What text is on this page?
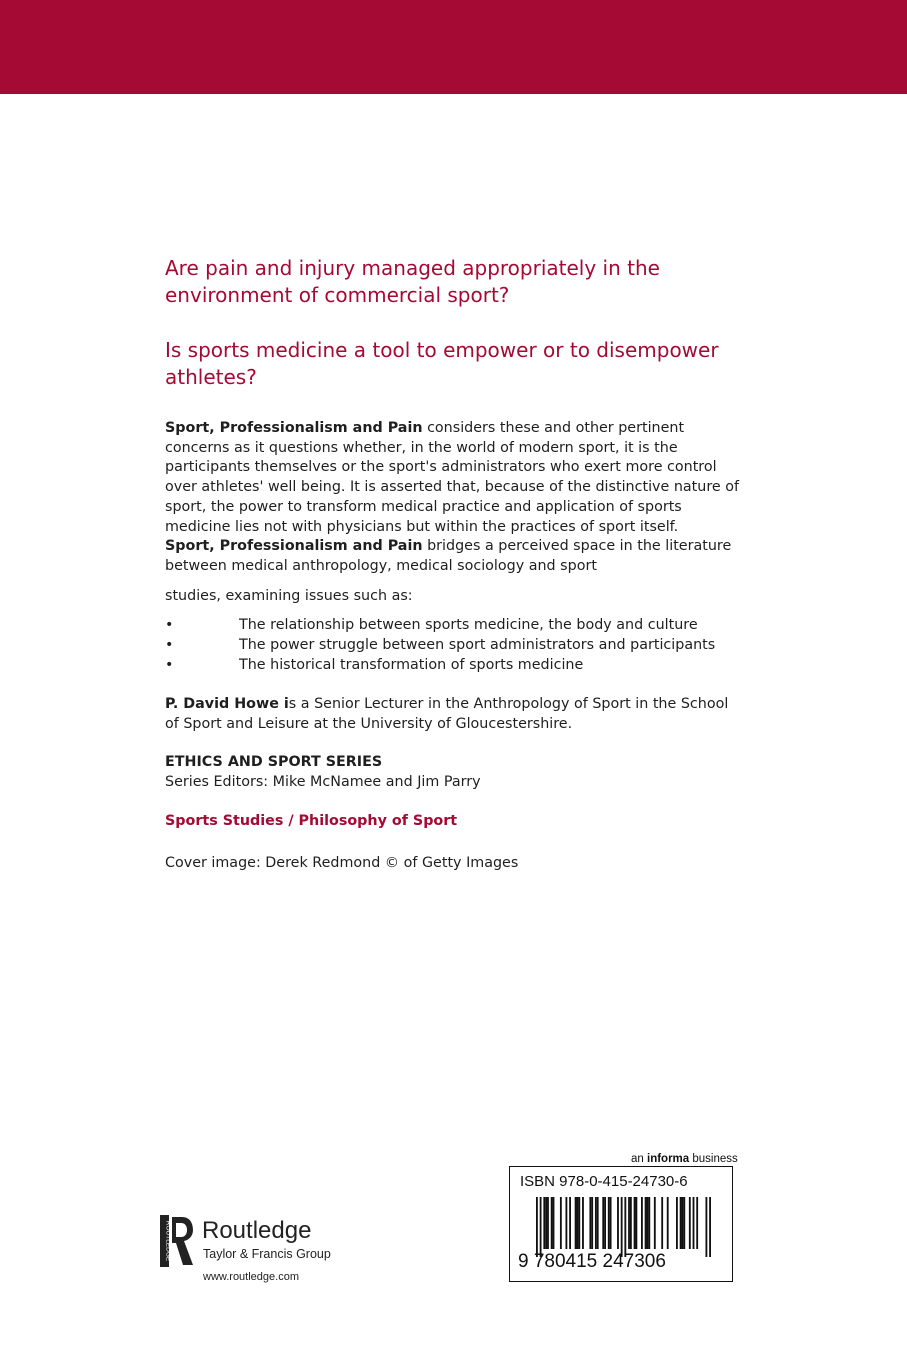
Are pain and injury managed appropriately in the environment of commercial sport?
Is sports medicine a tool to empower or to disempower athletes?

Sport, Professionalism and Pain considers these and other pertinent concerns as it questions whether, in the world of modern sport, it is the participants themselves or the sport's administrators who exert more control over athletes' well being. It is asserted that, because of the distinctive nature of sport, the power to transform medical practice and application of sports medicine lies not with physicians but within the practices of sport itself.

Sport, Professionalism and Pain bridges a perceived space in the literature between medical anthropology, medical sociology and sport

studies, examining issues such as:

•	The relationship between sports medicine, the body and culture
•	The power struggle between sport administrators and participants
•	The historical transformation of sports medicine

P. David Howe is a Senior Lecturer in the Anthropology of Sport in the School of Sport and Leisure at the University of Gloucestershire.

ETHICS AND SPORT SERIES
Series Editors: Mike McNamee and Jim Parry
Sports Studies / Philosophy of Sport
Cover image: Derek Redmond © of Getty Images
ROUTLEDGE Routledge
Taylor & Francis Group
www.routledge.com
an informa business
ISBN 978-0-415-24730-6
9 780415 247306
